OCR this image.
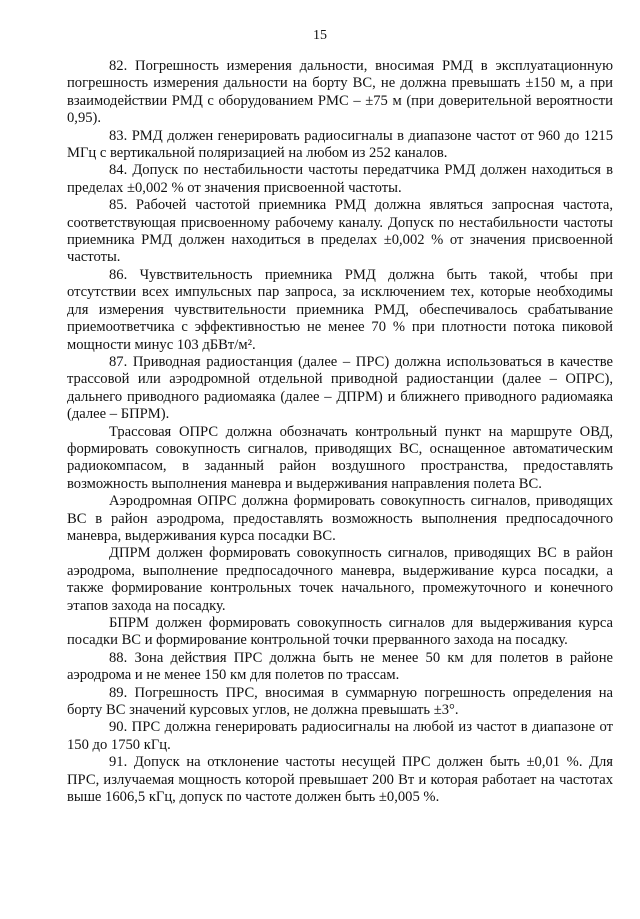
15

82. Погрешность измерения дальности, вносимая РМД в эксплуатационную погрешность измерения дальности на борту ВС, не должна превышать ±150 м, а при взаимодействии РМД с оборудованием РМС – ±75 м (при доверительной вероятности 0,95).

83. РМД должен генерировать радиосигналы в диапазоне частот от 960 до 1215 МГц с вертикальной поляризацией на любом из 252 каналов.

84. Допуск по нестабильности частоты передатчика РМД должен находиться в пределах ±0,002 % от значения присвоенной частоты.

85. Рабочей частотой приемника РМД должна являться запросная частота, соответствующая присвоенному рабочему каналу. Допуск по нестабильности частоты приемника РМД должен находиться в пределах ±0,002 % от значения присвоенной частоты.

86. Чувствительность приемника РМД должна быть такой, чтобы при отсутствии всех импульсных пар запроса, за исключением тех, которые необходимы для измерения чувствительности приемника РМД, обеспечивалось срабатывание приемоответчика с эффективностью не менее 70 % при плотности потока пиковой мощности минус 103 дБВт/м².

87. Приводная радиостанция (далее – ПРС) должна использоваться в качестве трассовой или аэродромной отдельной приводной радиостанции (далее – ОПРС), дальнего приводного радиомаяка (далее – ДПРМ) и ближнего приводного радиомаяка (далее – БПРМ).

Трассовая ОПРС должна обозначать контрольный пункт на маршруте ОВД, формировать совокупность сигналов, приводящих ВС, оснащенное автоматическим радиокомпасом, в заданный район воздушного пространства, предоставлять возможность выполнения маневра и выдерживания направления полета ВС.

Аэродромная ОПРС должна формировать совокупность сигналов, приводящих ВС в район аэродрома, предоставлять возможность выполнения предпосадочного маневра, выдерживания курса посадки ВС.

ДПРМ должен формировать совокупность сигналов, приводящих ВС в район аэродрома, выполнение предпосадочного маневра, выдерживание курса посадки, а также формирование контрольных точек начального, промежуточного и конечного этапов захода на посадку.

БПРМ должен формировать совокупность сигналов для выдерживания курса посадки ВС и формирование контрольной точки прерванного захода на посадку.

88. Зона действия ПРС должна быть не менее 50 км для полетов в районе аэродрома и не менее 150 км для полетов по трассам.

89. Погрешность ПРС, вносимая в суммарную погрешность определения на борту ВС значений курсовых углов, не должна превышать ±3°.

90. ПРС должна генерировать радиосигналы на любой из частот в диапазоне от 150 до 1750 кГц.

91. Допуск на отклонение частоты несущей ПРС должен быть ±0,01 %. Для ПРС, излучаемая мощность которой превышает 200 Вт и которая работает на частотах выше 1606,5 кГц, допуск по частоте должен быть ±0,005 %.
